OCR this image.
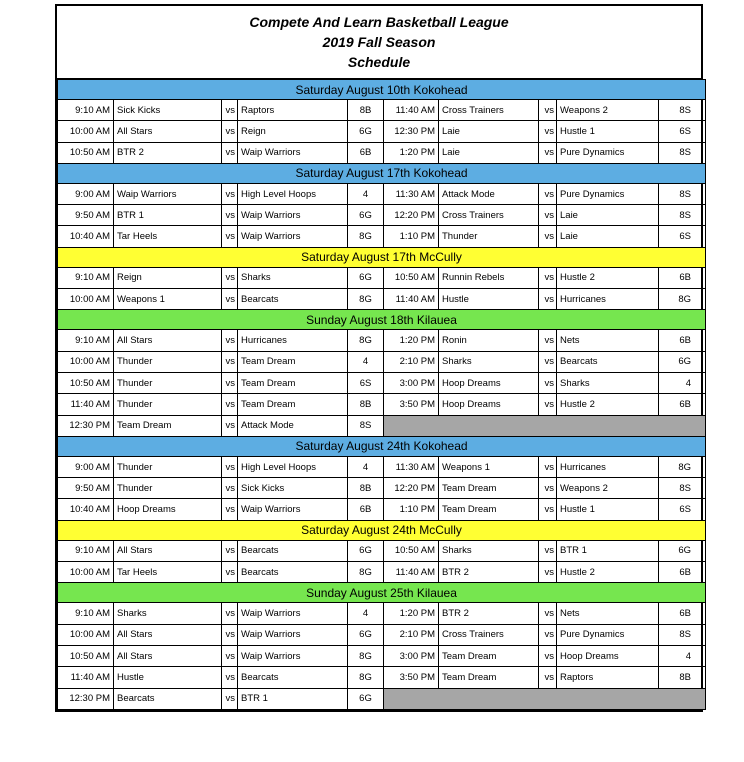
Compete And Learn Basketball League
2019 Fall Season
Schedule
Saturday August 10th Kokohead									
9:10 AM	Sick Kicks	vs	Raptors	8B	11:40 AM	Cross Trainers	vs	Weapons 2	8S
10:00 AM	All Stars	vs	Reign	6G	12:30 PM	Laie	vs	Hustle 1	6S
10:50 AM	BTR 2	vs	Waip Warriors	6B	1:20 PM	Laie	vs	Pure Dynamics	8S
Saturday August 17th Kokohead									
9:00 AM	Waip Warriors	vs	High Level Hoops	4	11:30 AM	Attack Mode	vs	Pure Dynamics	8S
9:50 AM	BTR 1	vs	Waip Warriors	6G	12:20 PM	Cross Trainers	vs	Laie	8S
10:40 AM	Tar Heels	vs	Waip Warriors	8G	1:10 PM	Thunder	vs	Laie	6S
Saturday August 17th McCully									
9:10 AM	Reign	vs	Sharks	6G	10:50 AM	Runnin Rebels	vs	Hustle 2	6B
10:00 AM	Weapons 1	vs	Bearcats	8G	11:40 AM	Hustle	vs	Hurricanes	8G
Sunday August 18th Kilauea									
9:10 AM	All Stars	vs	Hurricanes	8G	1:20 PM	Ronin	vs	Nets	6B
10:00 AM	Thunder	vs	Team Dream	4	2:10 PM	Sharks	vs	Bearcats	6G
10:50 AM	Thunder	vs	Team Dream	6S	3:00 PM	Hoop Dreams	vs	Sharks	4
11:40 AM	Thunder	vs	Team Dream	8B	3:50 PM	Hoop Dreams	vs	Hustle 2	6B
12:30 PM	Team Dream	vs	Attack Mode	8S					
Saturday August 24th Kokohead									
9:00 AM	Thunder	vs	High Level Hoops	4	11:30 AM	Weapons 1	vs	Hurricanes	8G
9:50 AM	Thunder	vs	Sick Kicks	8B	12:20 PM	Team Dream	vs	Weapons 2	8S
10:40 AM	Hoop Dreams	vs	Waip Warriors	6B	1:10 PM	Team Dream	vs	Hustle 1	6S
Saturday August 24th McCully									
9:10 AM	All Stars	vs	Bearcats	6G	10:50 AM	Sharks	vs	BTR 1	6G
10:00 AM	Tar Heels	vs	Bearcats	8G	11:40 AM	BTR 2	vs	Hustle 2	6B
Sunday August 25th Kilauea									
9:10 AM	Sharks	vs	Waip Warriors	4	1:20 PM	BTR 2	vs	Nets	6B
10:00 AM	All Stars	vs	Waip Warriors	6G	2:10 PM	Cross Trainers	vs	Pure Dynamics	8S
10:50 AM	All Stars	vs	Waip Warriors	8G	3:00 PM	Team Dream	vs	Hoop Dreams	4
11:40 AM	Hustle	vs	Bearcats	8G	3:50 PM	Team Dream	vs	Raptors	8B
12:30 PM	Bearcats	vs	BTR 1	6G					
